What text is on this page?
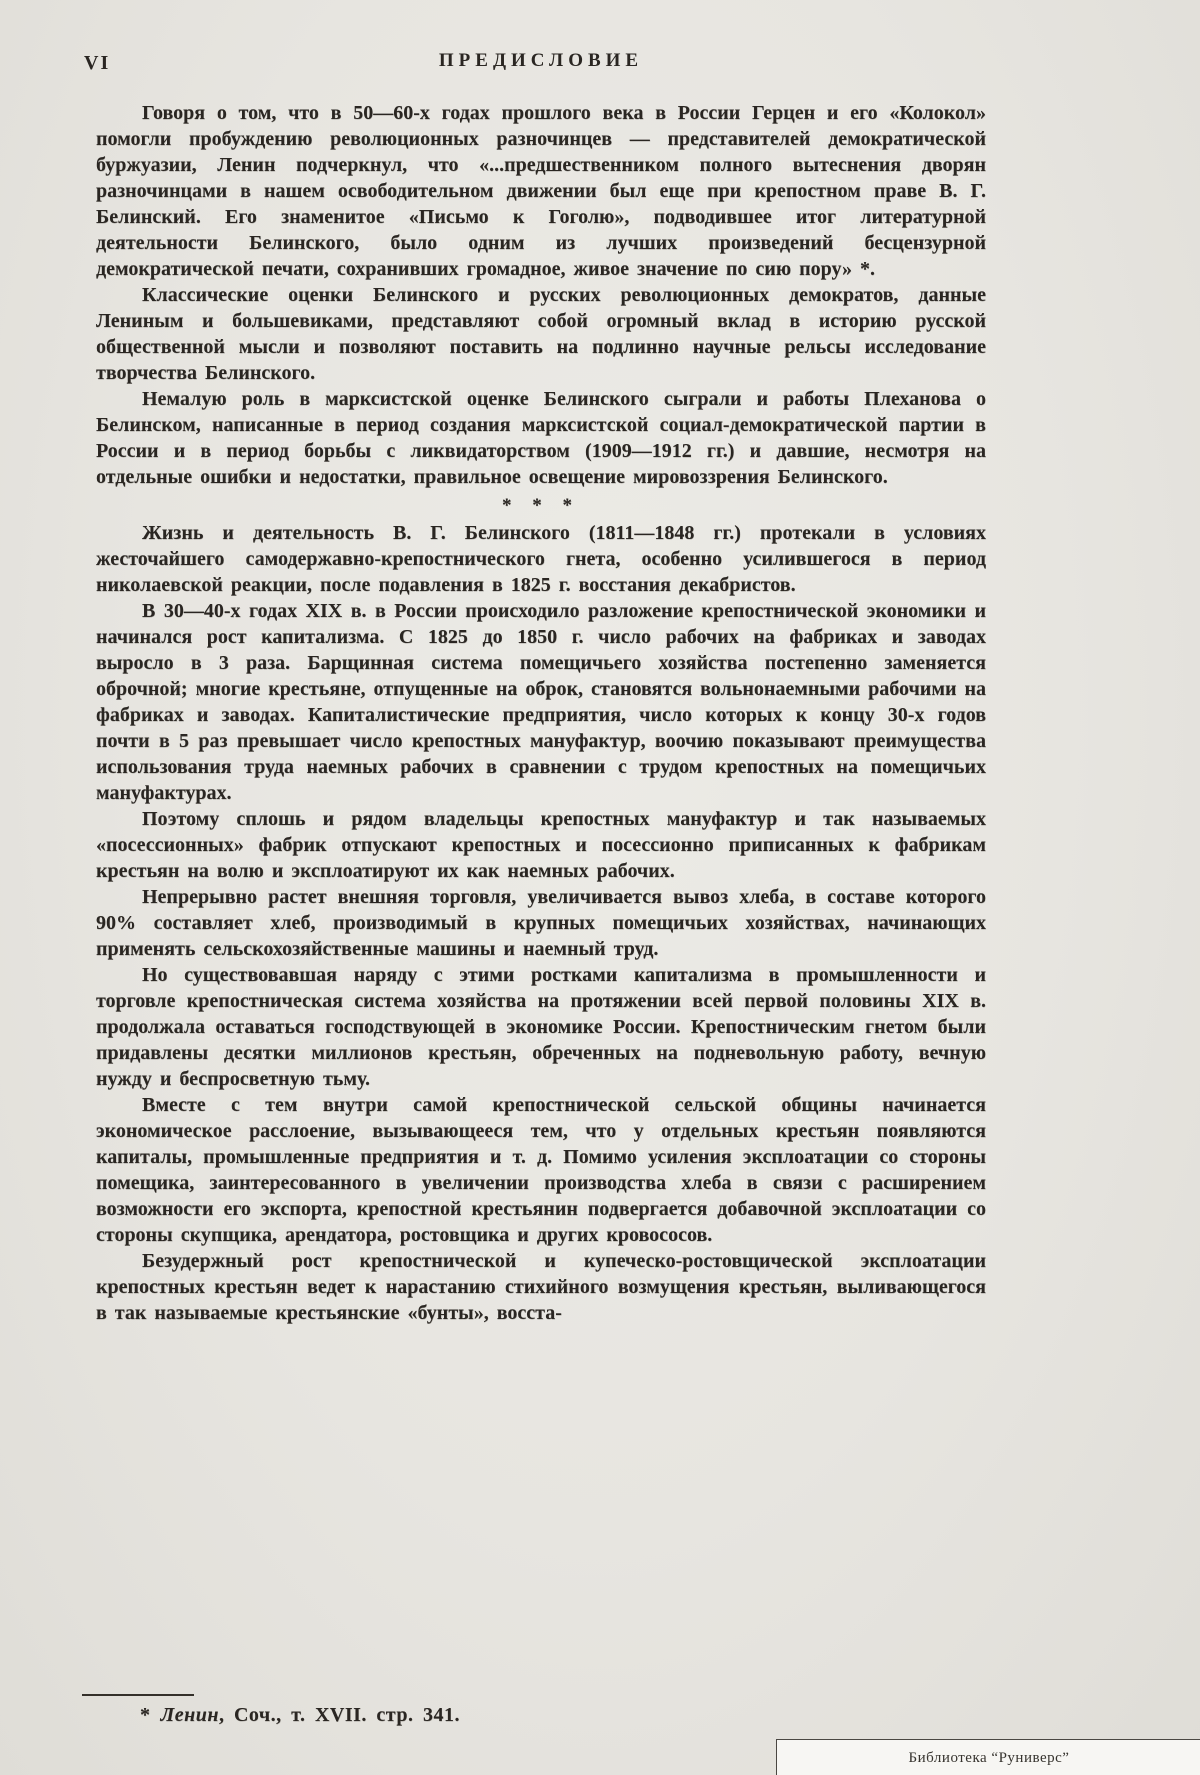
VI	ПРЕДИСЛОВИЕ

Говоря о том, что в 50—60-х годах прошлого века в России Герцен и его «Колокол» помогли пробуждению революционных разночинцев — представителей демократической буржуазии, Ленин подчеркнул, что «...предшественником полного вытеснения дворян разночинцами в нашем освободительном движении был еще при крепостном праве В. Г. Белинский. Его знаменитое «Письмо к Гоголю», подводившее итог литературной деятельности Белинского, было одним из лучших произведений бесцензурной демократической печати, сохранивших громадное, живое значение по сию пору» *.

Классические оценки Белинского и русских революционных демократов, данные Лениным и большевиками, представляют собой огромный вклад в историю русской общественной мысли и позволяют поставить на подлинно научные рельсы исследование творчества Белинского.

Немалую роль в марксистской оценке Белинского сыграли и работы Плеханова о Белинском, написанные в период создания марксистской социал-демократической партии в России и в период борьбы с ликвидаторством (1909—1912 гг.) и давшие, несмотря на отдельные ошибки и недостатки, правильное освещение мировоззрения Белинского.

* * *

Жизнь и деятельность В. Г. Белинского (1811—1848 гг.) протекали в условиях жесточайшего самодержавно-крепостнического гнета, особенно усилившегося в период николаевской реакции, после подавления в 1825 г. восстания декабристов.

В 30—40-х годах XIX в. в России происходило разложение крепостнической экономики и начинался рост капитализма. С 1825 до 1850 г. число рабочих на фабриках и заводах выросло в 3 раза. Барщинная система помещичьего хозяйства постепенно заменяется оброчной; многие крестьяне, отпущенные на оброк, становятся вольнонаемными рабочими на фабриках и заводах. Капиталистические предприятия, число которых к концу 30-х годов почти в 5 раз превышает число крепостных мануфактур, воочию показывают преимущества использования труда наемных рабочих в сравнении с трудом крепостных на помещичьих мануфактурах.

Поэтому сплошь и рядом владельцы крепостных мануфактур и так называемых «посессионных» фабрик отпускают крепостных и посессионно приписанных к фабрикам крестьян на волю и эксплоатируют их как наемных рабочих.

Непрерывно растет внешняя торговля, увеличивается вывоз хлеба, в составе которого 90% составляет хлеб, производимый в крупных помещичьих хозяйствах, начинающих применять сельскохозяйственные машины и наемный труд.

Но существовавшая наряду с этими ростками капитализма в промышленности и торговле крепостническая система хозяйства на протяжении всей первой половины XIX в. продолжала оставаться господствующей в экономике России. Крепостническим гнетом были придавлены десятки миллионов крестьян, обреченных на подневольную работу, вечную нужду и беспросветную тьму.

Вместе с тем внутри самой крепостнической сельской общины начинается экономическое расслоение, вызывающееся тем, что у отдельных крестьян появляются капиталы, промышленные предприятия и т. д. Помимо усиления эксплоатации со стороны помещика, заинтересованного в увеличении производства хлеба в связи с расширением возможности его экспорта, крепостной крестьянин подвергается добавочной эксплоатации со стороны скупщика, арендатора, ростовщика и других кровососов.

Безудержный рост крепостнической и купеческо-ростовщической эксплоатации крепостных крестьян ведет к нарастанию стихийного возмущения крестьян, выливающегося в так называемые крестьянские «бунты», восста-

* Ленин, Соч., т. XVII. стр. 341.
Библиотека “Руниверс”
